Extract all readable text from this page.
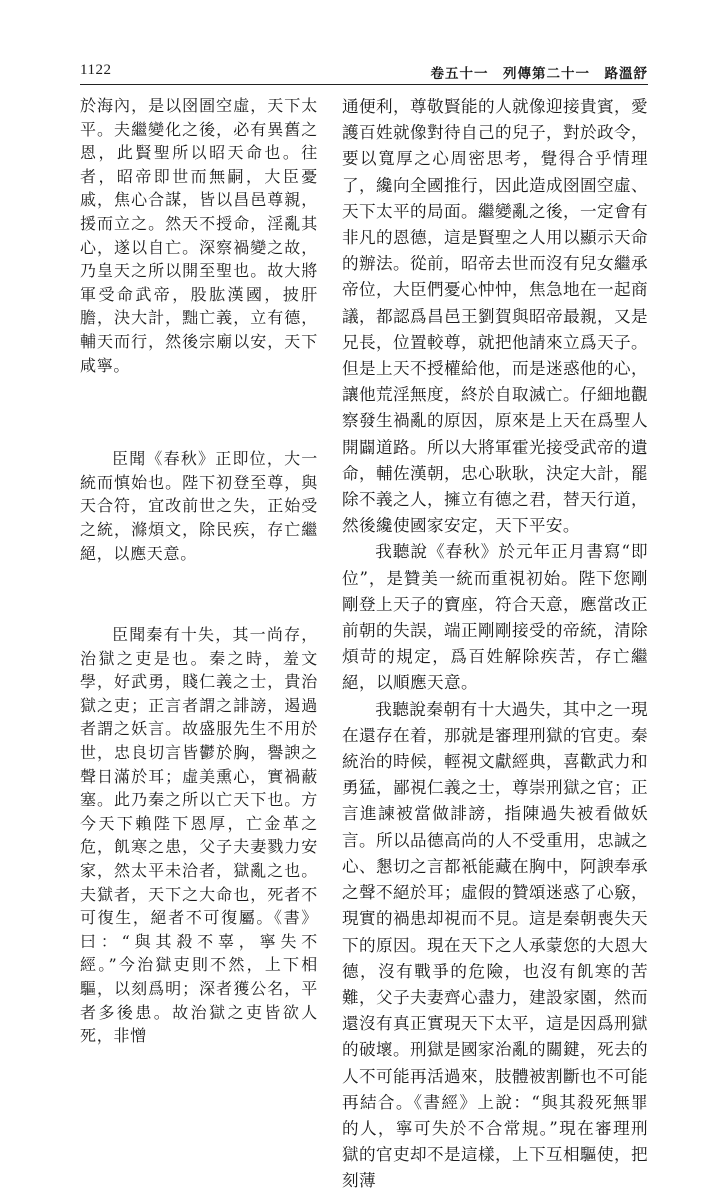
1122	卷五十一　列傳第二十一　路溫舒

於海內，是以囹圄空虛，天下太平。夫繼變化之後，必有異舊之恩，此賢聖所以昭天命也。往者，昭帝即世而無嗣，大臣憂戚，焦心合謀，皆以昌邑尊親，援而立之。然天不授命，淫亂其心，遂以自亡。深察禍變之故，乃皇天之所以開至聖也。故大將軍受命武帝，股肱漢國，披肝膽，決大計，黜亡義，立有德，輔天而行，然後宗廟以安，天下咸寧。

臣聞《春秋》正即位，大一統而慎始也。陛下初登至尊，與天合符，宜改前世之失，正始受之統，滌煩文，除民疾，存亡繼絕，以應天意。

臣聞秦有十失，其一尚存，治獄之吏是也。秦之時，羞文學，好武勇，賤仁義之士，貴治獄之吏；正言者謂之誹謗，遏過者謂之妖言。故盛服先生不用於世，忠良切言皆鬱於胸，譽諛之聲日滿於耳；虛美熏心，實禍蔽塞。此乃秦之所以亡天下也。方今天下賴陛下恩厚，亡金革之危，飢寒之患，父子夫妻戮力安家，然太平未洽者，獄亂之也。夫獄者，天下之大命也，死者不可復生，絕者不可復屬。《書》曰：“與其殺不辜，寧失不經。”今治獄吏則不然，上下相驅，以刻爲明；深者獲公名，平者多後患。故治獄之吏皆欲人死，非憎

通便利，尊敬賢能的人就像迎接貴賓，愛護百姓就像對待自己的兒子，對於政令，要以寬厚之心周密思考，覺得合乎情理了，纔向全國推行，因此造成囹圄空虛、天下太平的局面。繼變亂之後，一定會有非凡的恩德，這是賢聖之人用以顯示天命的辦法。從前，昭帝去世而沒有兒女繼承帝位，大臣們憂心忡忡，焦急地在一起商議，都認爲昌邑王劉賀與昭帝最親，又是兄長，位置較尊，就把他請來立爲天子。但是上天不授權給他，而是迷惑他的心，讓他荒淫無度，終於自取滅亡。仔細地觀察發生禍亂的原因，原來是上天在爲聖人開闢道路。所以大將軍霍光接受武帝的遺命，輔佐漢朝，忠心耿耿，決定大計，罷除不義之人，擁立有德之君，替天行道，然後纔使國家安定，天下平安。

我聽說《春秋》於元年正月書寫“即位”，是贊美一統而重視初始。陛下您剛剛登上天子的寶座，符合天意，應當改正前朝的失誤，端正剛剛接受的帝統，清除煩苛的規定，爲百姓解除疾苦，存亡繼絕，以順應天意。

我聽說秦朝有十大過失，其中之一現在還存在着，那就是審理刑獄的官吏。秦統治的時候，輕視文獻經典，喜歡武力和勇猛，鄙視仁義之士，尊崇刑獄之官；正言進諫被當做誹謗，指陳過失被看做妖言。所以品德高尚的人不受重用，忠誠之心、懇切之言都衹能藏在胸中，阿諛奉承之聲不絕於耳；虛假的贊頌迷惑了心竅，現實的禍患却視而不見。這是秦朝喪失天下的原因。現在天下之人承蒙您的大恩大德，沒有戰爭的危險，也沒有飢寒的苦難，父子夫妻齊心盡力，建設家園，然而還沒有真正實現天下太平，這是因爲刑獄的破壞。刑獄是國家治亂的關鍵，死去的人不可能再活過來，肢體被割斷也不可能再結合。《書經》上說：“與其殺死無罪的人，寧可失於不合常規。”現在審理刑獄的官吏却不是這樣，上下互相驅使，把刻薄
